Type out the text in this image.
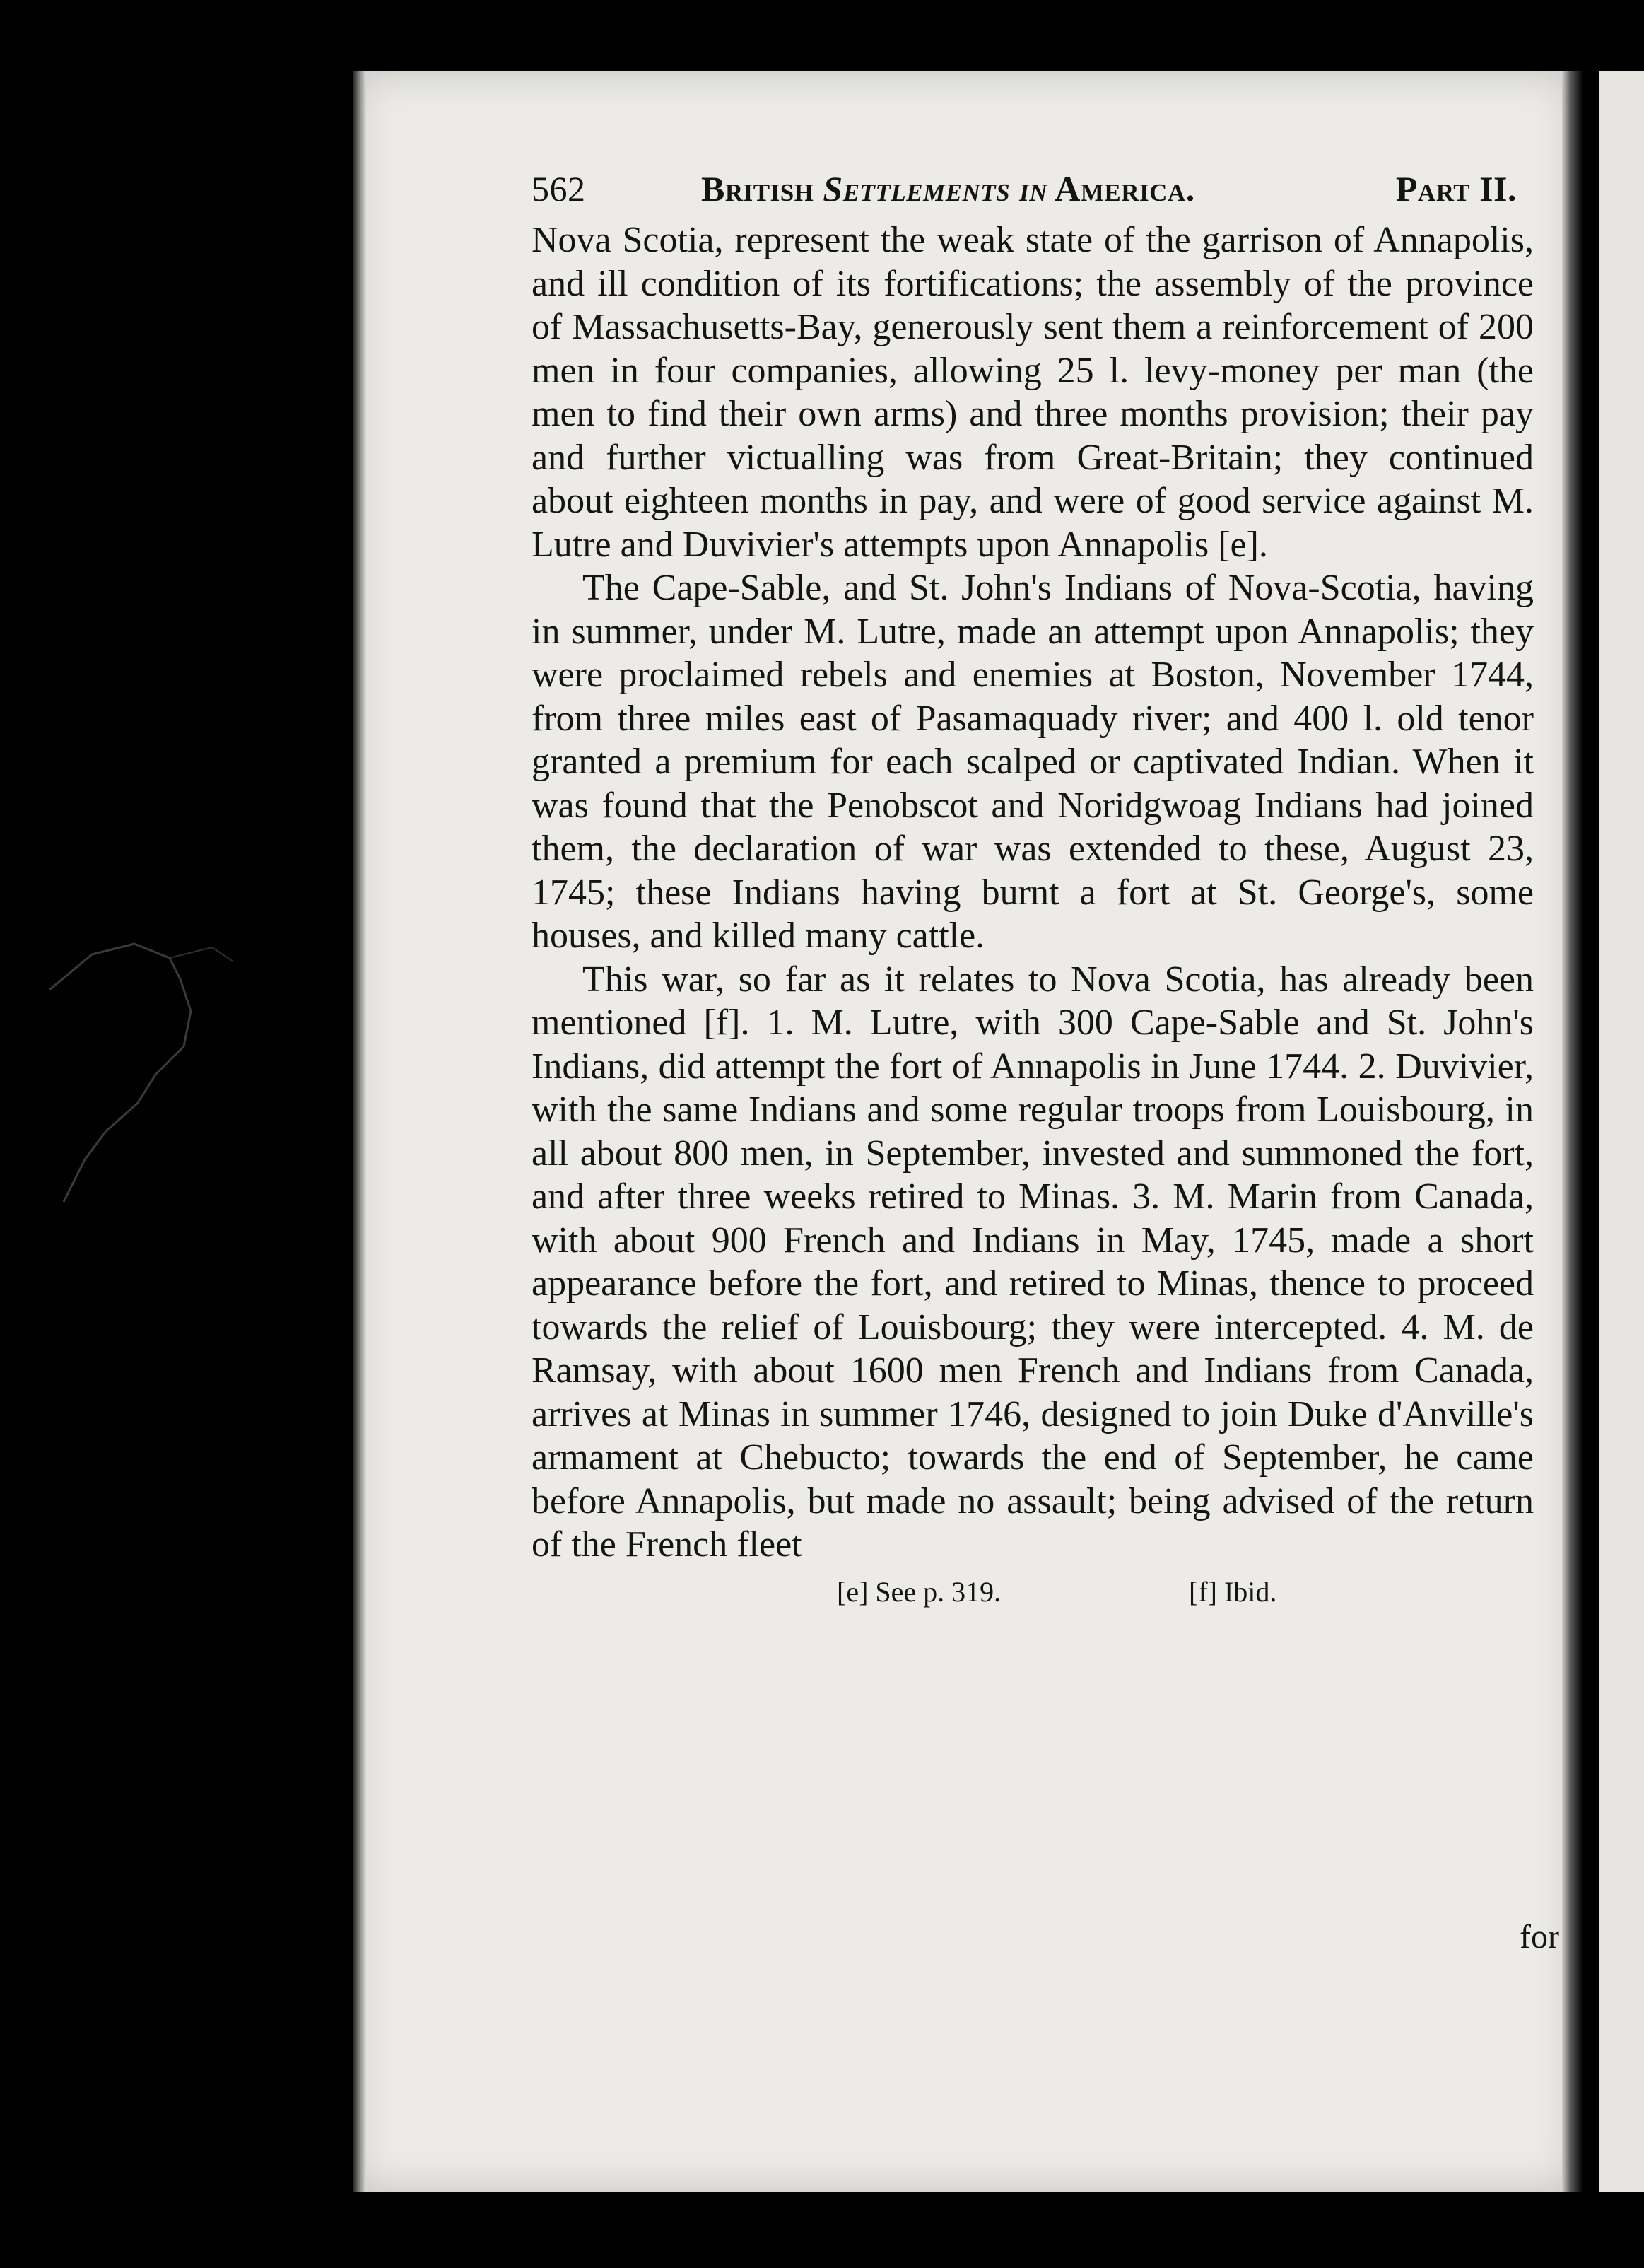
562	British Settlements in America.	Part II.

Nova Scotia, represent the weak state of the garrison of Annapolis, and ill condition of its fortifications; the assembly of the province of Massachusetts-Bay, generously sent them a reinforcement of 200 men in four companies, allowing 25 l. levy-money per man (the men to find their own arms) and three months provision; their pay and further victualling was from Great-Britain; they continued about eighteen months in pay, and were of good service against M. Lutre and Duvivier's attempts upon Annapolis [e].

The Cape-Sable, and St. John's Indians of Nova-Scotia, having in summer, under M. Lutre, made an attempt upon Annapolis; they were proclaimed rebels and enemies at Boston, November 1744, from three miles east of Pasamaquady river; and 400 l. old tenor granted a premium for each scalped or captivated Indian. When it was found that the Penobscot and Noridgwoag Indians had joined them, the declaration of war was extended to these, August 23, 1745; these Indians having burnt a fort at St. George's, some houses, and killed many cattle.

This war, so far as it relates to Nova Scotia, has already been mentioned [f]. 1. M. Lutre, with 300 Cape-Sable and St. John's Indians, did attempt the fort of Annapolis in June 1744. 2. Duvivier, with the same Indians and some regular troops from Louisbourg, in all about 800 men, in September, invested and summoned the fort, and after three weeks retired to Minas. 3. M. Marin from Canada, with about 900 French and Indians in May, 1745, made a short appearance before the fort, and retired to Minas, thence to proceed towards the relief of Louisbourg; they were intercepted. 4. M. de Ramsay, with about 1600 men French and Indians from Canada, arrives at Minas in summer 1746, designed to join Duke d'Anville's armament at Chebucto; towards the end of September, he came before Annapolis, but made no assault; being advised of the return of the French fleet

[e] See p. 319.	[f] Ibid.
for
